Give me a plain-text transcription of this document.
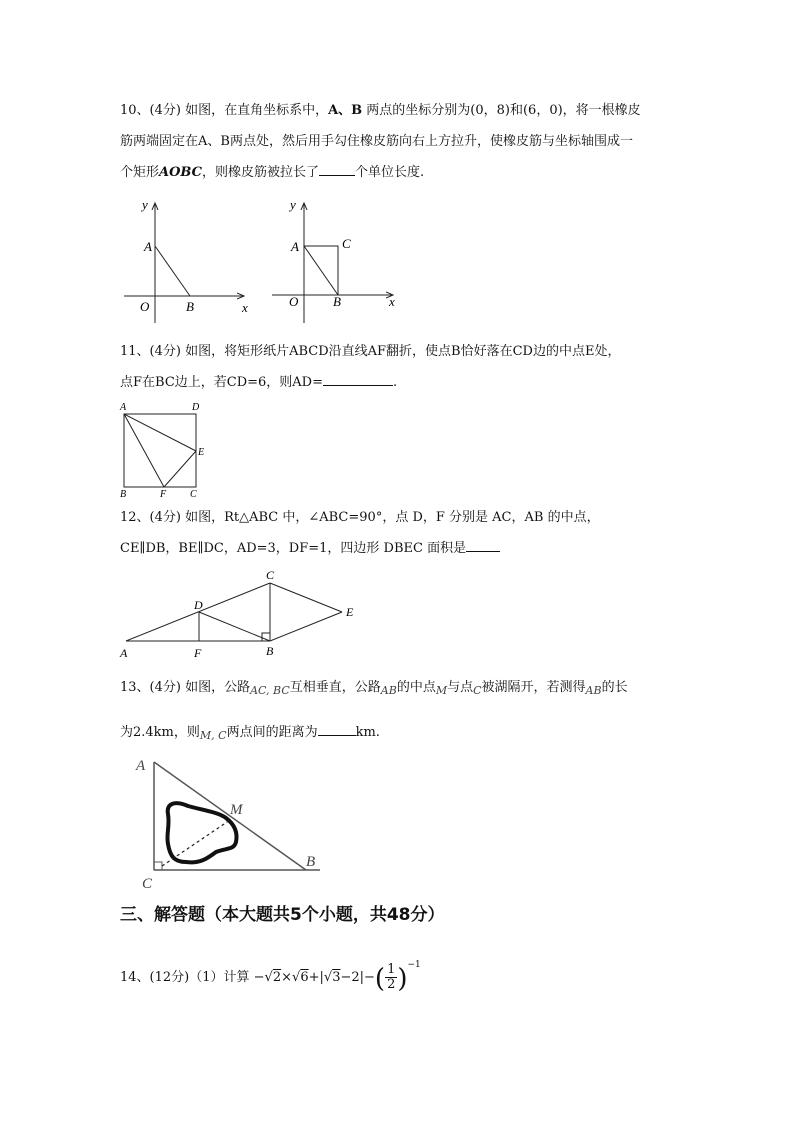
10、(4分) 如图，在直角坐标系中，A、B 两点的坐标分别为(0，8)和(6，0)，将一根橡皮
筋两端固定在A、B两点处，然后用手勾住橡皮筋向右上方拉升，使橡皮筋与坐标轴围成一
个矩形AOBC，则橡皮筋被拉长了	个单位长度.
y
A
O	B	x
y
A	C
O	B	x
11、(4分) 如图，将矩形纸片ABCD沿直线AF翻折，使点B恰好落在CD边的中点E处，
点F在BC边上，若CD=6，则AD=	.
A	D
E
B	F C
12、(4分) 如图，Rt△ABC 中，∠ABC=90°，点 D，F 分别是 AC，AB 的中点，
CE∥DB，BE∥DC，AD=3，DF=1，四边形 DBEC 面积是
A	F	B
D
C
E
13、(4分) 如图，公路$_{AC, BC}$互相垂直，公路$_{AB}$的中点$_M$与点$_C$被湖隔开，若测得$_{AB}$的长
为2.4km，则$_{M, C}$两点间的距离为	km.
A
M
B
C
三、解答题（本大题共5个小题，共48分）
14、(12分)（1）计算 $-√2\times√6+|√3-2|-( \frac{1}{2} )^{-1}$
